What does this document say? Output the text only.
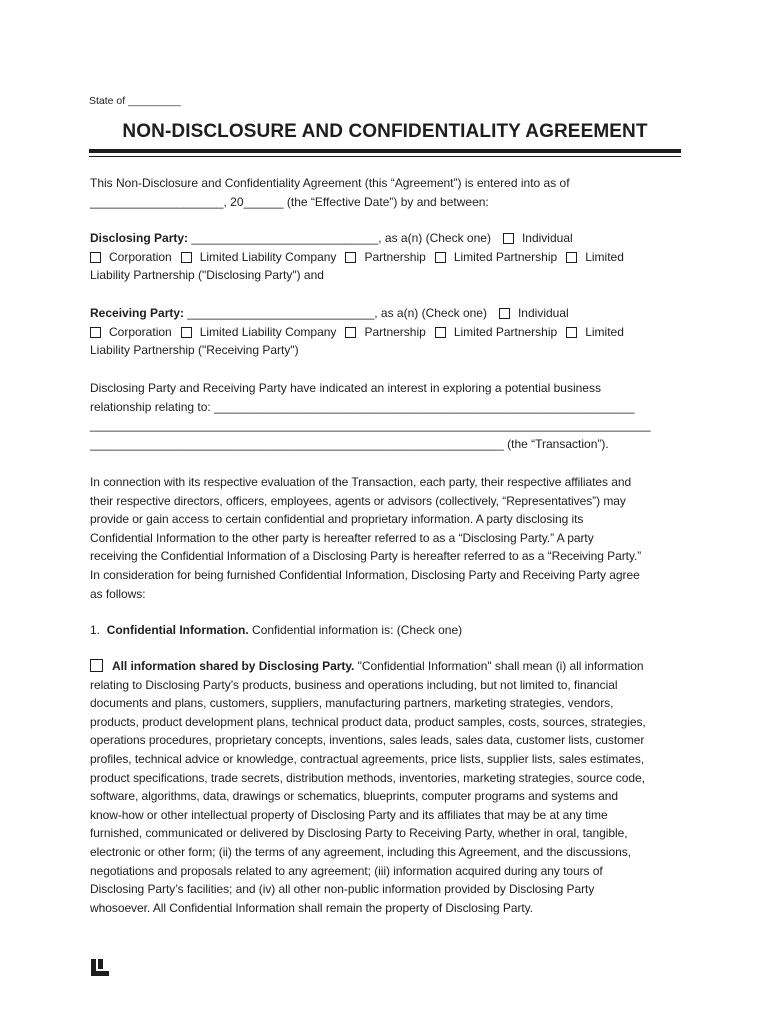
State of _________
NON-DISCLOSURE AND CONFIDENTIALITY AGREEMENT
This Non-Disclosure and Confidentiality Agreement (this “Agreement”) is entered into as of
____________________, 20______ (the “Effective Date”) by and between:
Disclosing Party: ____________________________, as a(n) (Check one)	Individual
Corporation Limited Liability Company Partnership Limited Partnership Limited
Liability Partnership ("Disclosing Party") and
Receiving Party: ____________________________, as a(n) (Check one)	Individual
Corporation Limited Liability Company Partnership Limited Partnership Limited
Liability Partnership ("Receiving Party")
Disclosing Party and Receiving Party have indicated an interest in exploring a potential business
relationship relating to: _______________________________________________________________
____________________________________________________________________________________
______________________________________________________________ (the “Transaction”).
In connection with its respective evaluation of the Transaction, each party, their respective affiliates and
their respective directors, officers, employees, agents or advisors (collectively, “Representatives”) may
provide or gain access to certain confidential and proprietary information. A party disclosing its
Confidential Information to the other party is hereafter referred to as a “Disclosing Party.” A party
receiving the Confidential Information of a Disclosing Party is hereafter referred to as a “Receiving Party.”
In consideration for being furnished Confidential Information, Disclosing Party and Receiving Party agree
as follows:
1. Confidential Information. Confidential information is: (Check one)
All information shared by Disclosing Party. "Confidential Information" shall mean (i) all information
relating to Disclosing Party’s products, business and operations including, but not limited to, financial
documents and plans, customers, suppliers, manufacturing partners, marketing strategies, vendors,
products, product development plans, technical product data, product samples, costs, sources, strategies,
operations procedures, proprietary concepts, inventions, sales leads, sales data, customer lists, customer
profiles, technical advice or knowledge, contractual agreements, price lists, supplier lists, sales estimates,
product specifications, trade secrets, distribution methods, inventories, marketing strategies, source code,
software, algorithms, data, drawings or schematics, blueprints, computer programs and systems and
know-how or other intellectual property of Disclosing Party and its affiliates that may be at any time
furnished, communicated or delivered by Disclosing Party to Receiving Party, whether in oral, tangible,
electronic or other form; (ii) the terms of any agreement, including this Agreement, and the discussions,
negotiations and proposals related to any agreement; (iii) information acquired during any tours of
Disclosing Party’s facilities; and (iv) all other non-public information provided by Disclosing Party
whosoever. All Confidential Information shall remain the property of Disclosing Party.
